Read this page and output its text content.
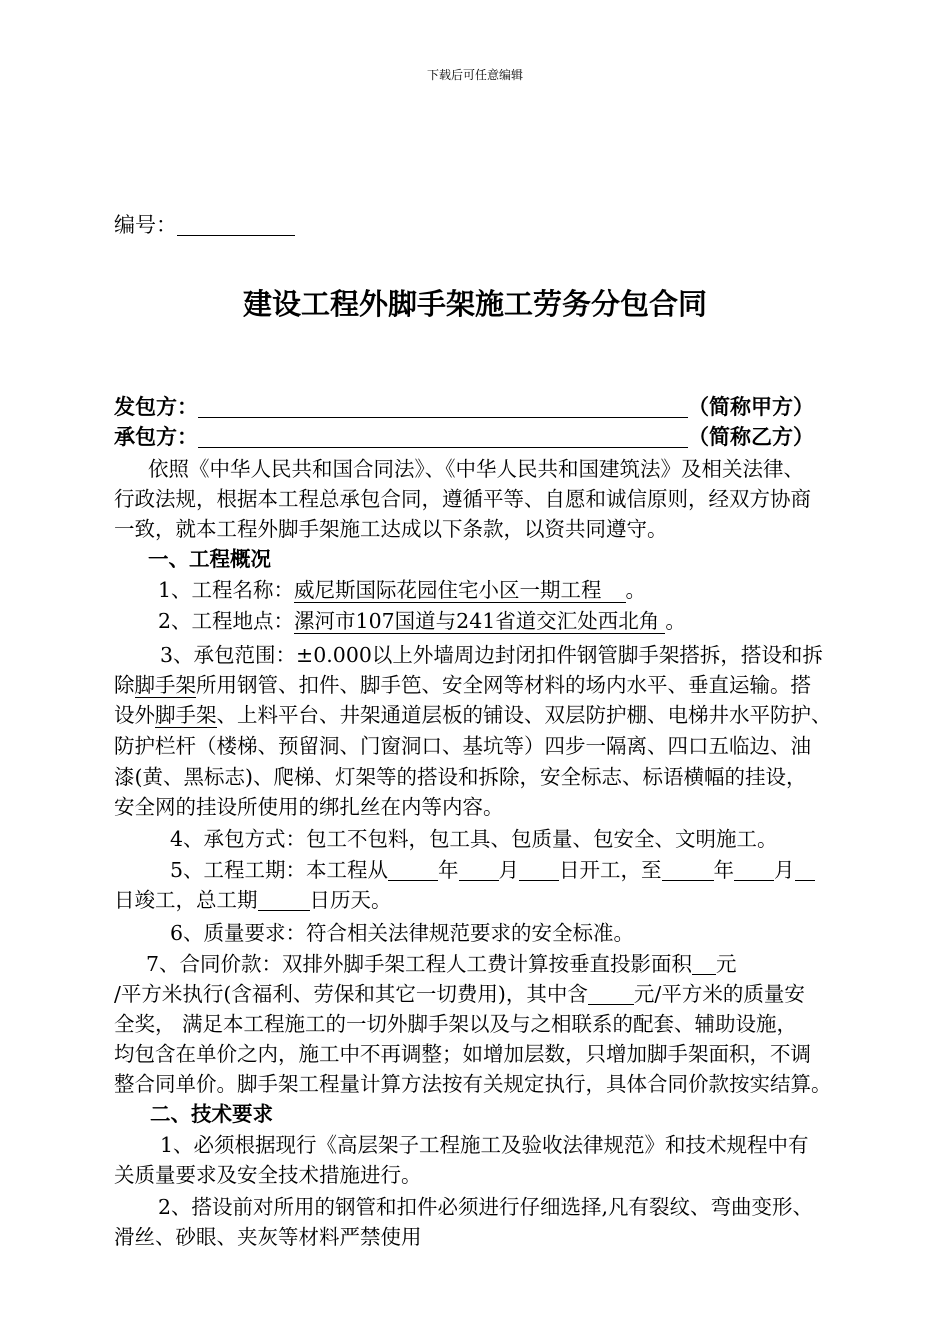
下载后可任意编辑
编号：
建设工程外脚手架施工劳务分包合同
发包方：	（简称甲方）
承包方：	（简称乙方）
依照《中华人民共和国合同法》、《中华人民共和国建筑法》及相关法律、
行政法规，根据本工程总承包合同，遵循平等、自愿和诚信原则，经双方协商
一致，就本工程外脚手架施工达成以下条款，以资共同遵守。
一、工程概况
1、工程名称：威尼斯国际花园住宅小区一期工程 。
2、工程地点：漯河市107国道与241省道交汇处西北角 。
3、承包范围：±0.000以上外墙周边封闭扣件钢管脚手架搭拆，搭设和拆
除脚手架所用钢管、扣件、脚手笆、安全网等材料的场内水平、垂直运输。搭
设外脚手架、上料平台、井架通道层板的铺设、双层防护棚、电梯井水平防护、
防护栏杆（楼梯、预留洞、门窗洞口、基坑等）四步一隔离、四口五临边、油
漆(黄、黑标志)、爬梯、灯架等的搭设和拆除，安全标志、标语横幅的挂设，
安全网的挂设所使用的绑扎丝在内等内容。
4、承包方式：包工不包料，包工具、包质量、包安全、文明施工。
5、工程工期：本工程从 年 月 日开工，至	年 月
日竣工，总工期	日历天。
6、质量要求：符合相关法律规范要求的安全标准。
7、合同价款：双排外脚手架工程人工费计算按垂直投影面积 元
/平方米执行(含福利、劳保和其它一切费用)，其中含 元/平方米的质量安
全奖， 满足本工程施工的一切外脚手架以及与之相联系的配套、辅助设施，
均包含在单价之内，施工中不再调整；如增加层数，只增加脚手架面积，不调
整合同单价。脚手架工程量计算方法按有关规定执行，具体合同价款按实结算。
二、技术要求
1、必须根据现行《高层架子工程施工及验收法律规范》和技术规程中有
关质量要求及安全技术措施进行。
2、搭设前对所用的钢管和扣件必须进行仔细选择,凡有裂纹、弯曲变形、
滑丝、砂眼、夹灰等材料严禁使用
